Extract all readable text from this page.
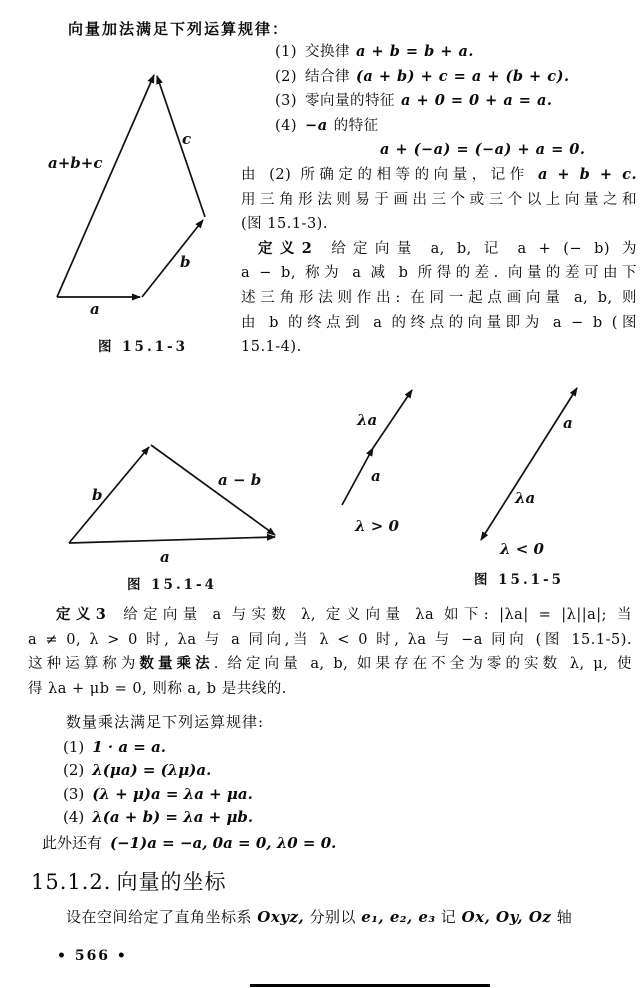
向量加法满足下列运算规律：
a+b+c
c
b
a
图 15.1-3
(1) 交换律 a + b = b + a.
(2) 结合律 (a + b) + c = a + (b + c).
(3) 零向量的特征 a + 0 = 0 + a = a.
(4) −a 的特征
a + (−a) = (−a) + a = 0.
由 (2) 所确定的相等的向量，记作 a + b + c.
用三角形法则易于画出三个或三个以上向量之和
(图 15.1-3).
定义2 给定向量 a, b, 记 a + (− b) 为
a − b, 称为 a 减 b 所得的差. 向量的差可由下
述三角形法则作出: 在同一起点画向量 a, b, 则
由 b 的终点到 a 的终点的向量即为 a − b (图
15.1-4).
b
a − b
a
图 15.1-4
λa
a
λ > 0
a
λa
λ < 0
图 15.1-5
定义3 给定向量 a 与实数 λ, 定义向量 λa 如下: |λa| = |λ||a|; 当
a ≠ 0, λ > 0 时, λa 与 a 同向,当 λ < 0 时, λa 与 −a 同向 (图 15.1-5).
这种运算称为数量乘法. 给定向量 a, b, 如果存在不全为零的实数 λ, μ, 使
得 λa + μb = 0, 则称 a, b 是共线的.
数量乘法满足下列运算规律:
(1) 1 · a = a.
(2) λ(μa) = (λμ)a.
(3) (λ + μ)a = λa + μa.
(4) λ(a + b) = λa + μb.
此外还有 (−1)a = −a, 0a = 0, λ0 = 0.
15.1.2. 向量的坐标
设在空间给定了直角坐标系 Oxyz, 分别以 e₁, e₂, e₃ 记 Ox, Oy, Oz 轴
• 566 •
